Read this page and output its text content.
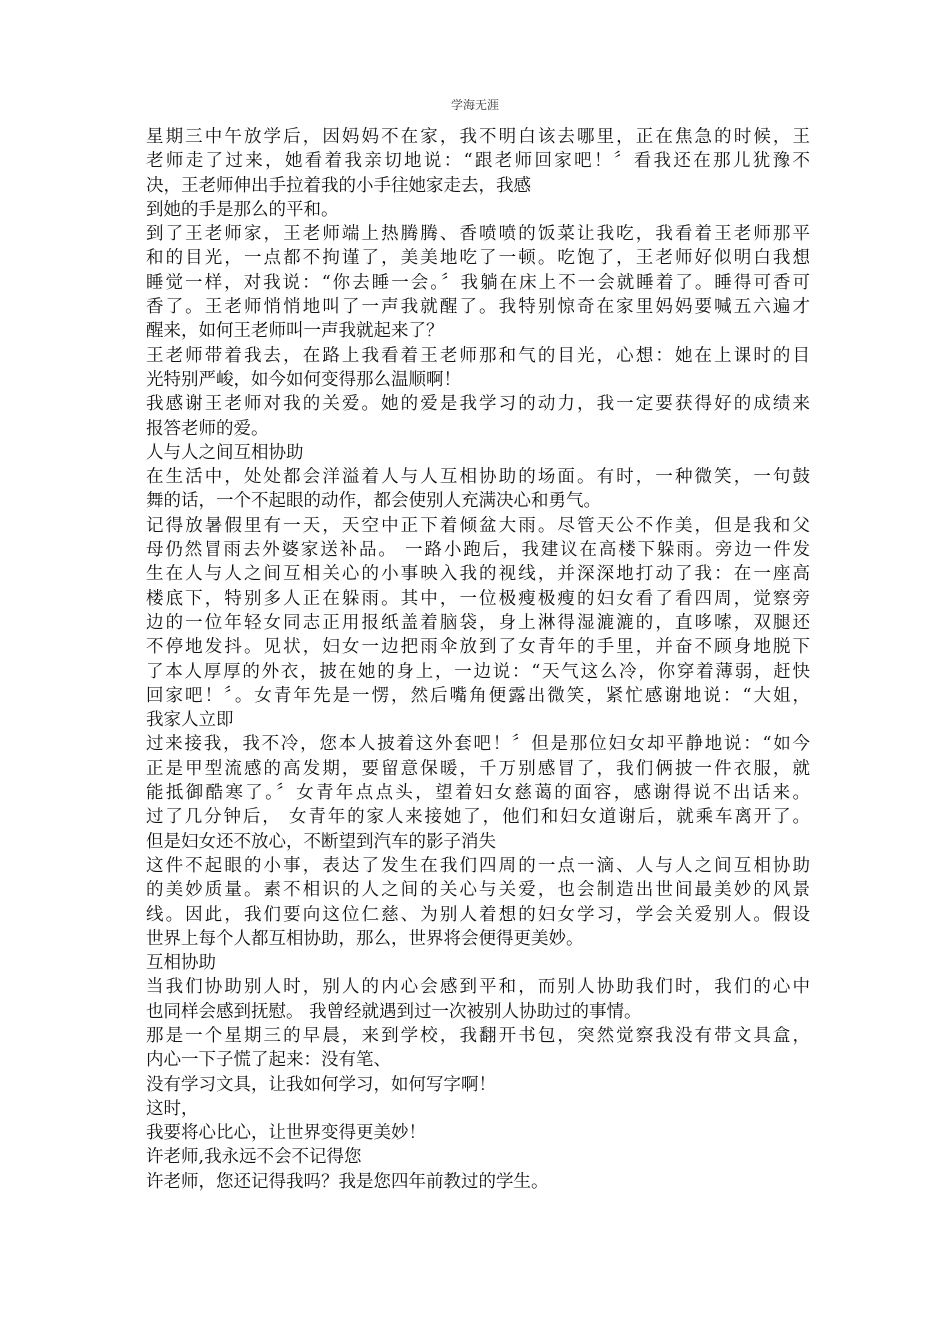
学海无涯
星期三中午放学后，因妈妈不在家，我不明白该去哪里，正在焦急的时候，王
老师走了过来，她看着我亲切地说：“跟老师回家吧！〞看我还在那儿犹豫不
决，王老师伸出手拉着我的小手往她家走去，我感
到她的手是那么的平和。
到了王老师家，王老师端上热腾腾、香喷喷的饭菜让我吃，我看着王老师那平
和的目光，一点都不拘谨了，美美地吃了一顿。吃饱了，王老师好似明白我想
睡觉一样，对我说：“你去睡一会。〞我躺在床上不一会就睡着了。睡得可香可
香了。王老师悄悄地叫了一声我就醒了。我特别惊奇在家里妈妈要喊五六遍才
醒来，如何王老师叫一声我就起来了？
王老师带着我去，在路上我看着王老师那和气的目光，心想：她在上课时的目
光特别严峻，如今如何变得那么温顺啊！
我感谢王老师对我的关爱。她的爱是我学习的动力，我一定要获得好的成绩来
报答老师的爱。
人与人之间互相协助
在生活中，处处都会洋溢着人与人互相协助的场面。有时，一种微笑，一句鼓
舞的话，一个不起眼的动作，都会使别人充满决心和勇气。
记得放暑假里有一天，天空中正下着倾盆大雨。尽管天公不作美，但是我和父
母仍然冒雨去外婆家送补品。 一路小跑后，我建议在高楼下躲雨。旁边一件发
生在人与人之间互相关心的小事映入我的视线，并深深地打动了我：在一座高
楼底下，特别多人正在躲雨。其中，一位极瘦极瘦的妇女看了看四周，觉察旁
边的一位年轻女同志正用报纸盖着脑袋，身上淋得湿漉漉的，直哆嗦，双腿还
不停地发抖。见状，妇女一边把雨伞放到了女青年的手里，并奋不顾身地脱下
了本人厚厚的外衣，披在她的身上，一边说：“天气这么冷，你穿着薄弱，赶快
回家吧！〞。女青年先是一愣，然后嘴角便露出微笑，紧忙感谢地说：“大姐，
我家人立即
过来接我，我不冷，您本人披着这外套吧！〞但是那位妇女却平静地说：“如今
正是甲型流感的高发期，要留意保暖，千万别感冒了，我们俩披一件衣服，就
能抵御酷寒了。〞女青年点点头，望着妇女慈蔼的面容，感谢得说不出话来。
过了几分钟后， 女青年的家人来接她了，他们和妇女道谢后，就乘车离开了。
但是妇女还不放心，不断望到汽车的影子消失
这件不起眼的小事，表达了发生在我们四周的一点一滴、人与人之间互相协助
的美妙质量。素不相识的人之间的关心与关爱，也会制造出世间最美妙的风景
线。因此，我们要向这位仁慈、为别人着想的妇女学习，学会关爱别人。假设
世界上每个人都互相协助，那么，世界将会便得更美妙。
互相协助
当我们协助别人时，别人的内心会感到平和，而别人协助我们时，我们的心中
也同样会感到抚慰。 我曾经就遇到过一次被别人协助过的事情。
那是一个星期三的早晨，来到学校，我翻开书包，突然觉察我没有带文具盒，
内心一下子慌了起来：没有笔、
没有学习文具，让我如何学习，如何写字啊！
这时，
我要将心比心，让世界变得更美妙！
许老师,我永远不会不记得您
许老师，您还记得我吗？我是您四年前教过的学生。
